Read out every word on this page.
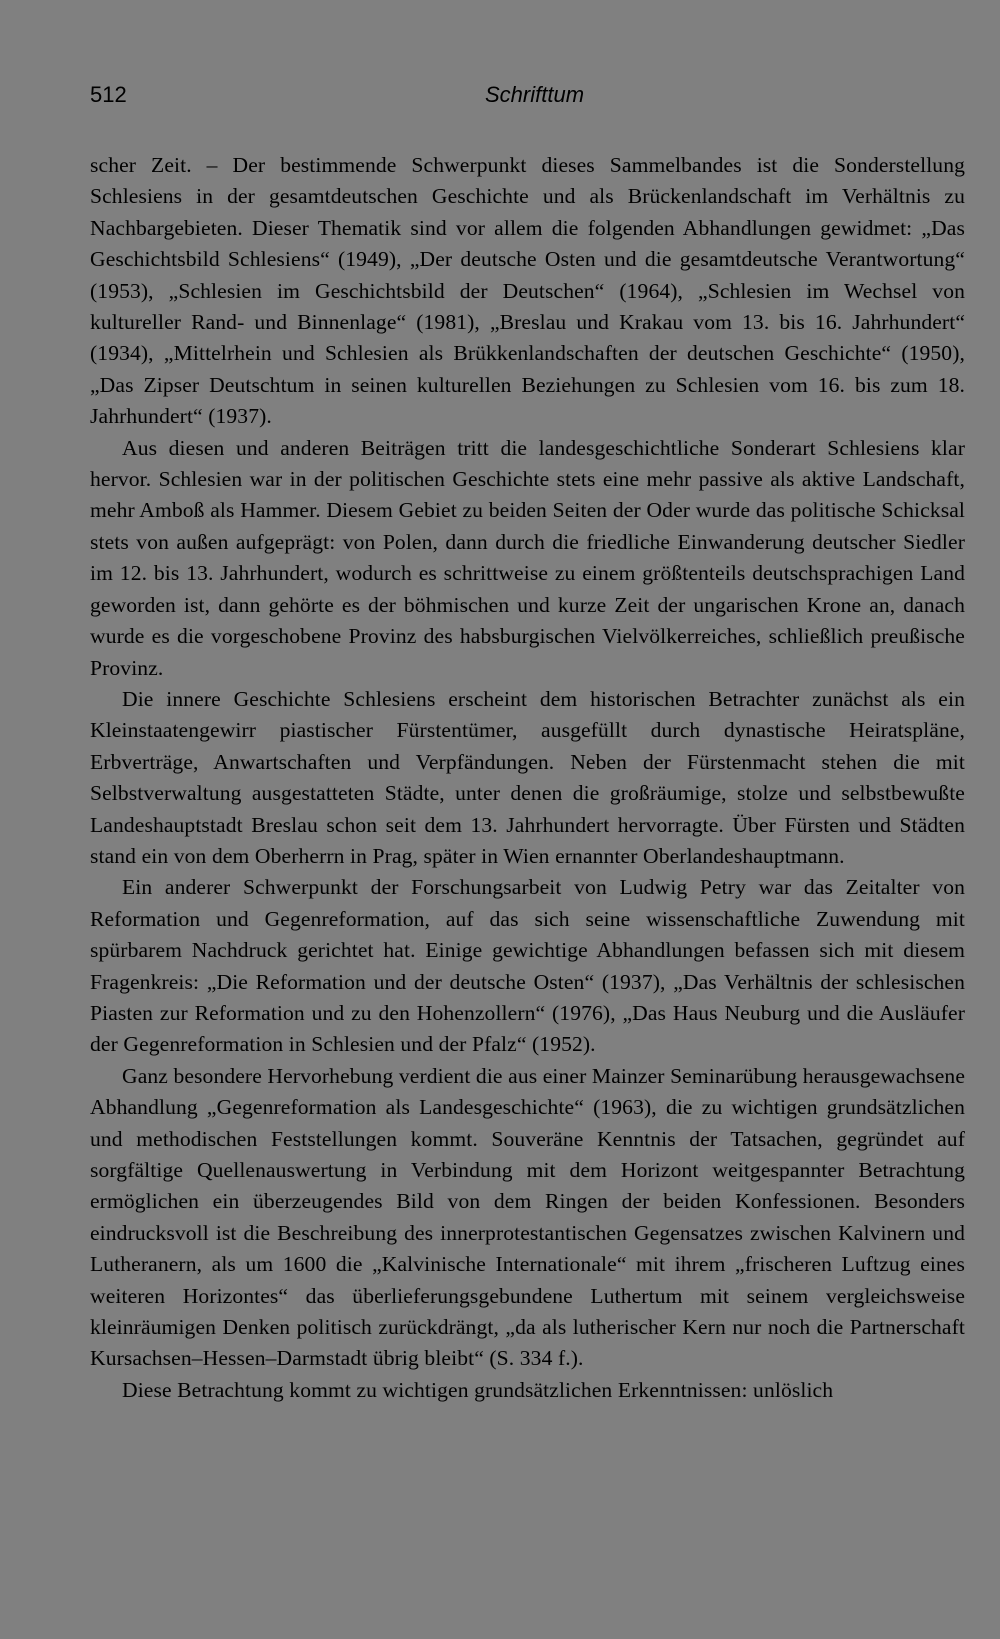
512	Schrifttum

scher Zeit. – Der bestimmende Schwerpunkt dieses Sammelbandes ist die Sonderstellung Schlesiens in der gesamtdeutschen Geschichte und als Brückenlandschaft im Verhältnis zu Nachbargebieten. Dieser Thematik sind vor allem die folgenden Abhandlungen gewidmet: „Das Geschichtsbild Schlesiens“ (1949), „Der deutsche Osten und die gesamtdeutsche Verantwortung“ (1953), „Schlesien im Geschichtsbild der Deutschen“ (1964), „Schlesien im Wechsel von kultureller Rand- und Binnenlage“ (1981), „Breslau und Krakau vom 13. bis 16. Jahrhundert“ (1934), „Mittelrhein und Schlesien als Brükkenlandschaften der deutschen Geschichte“ (1950), „Das Zipser Deutschtum in seinen kulturellen Beziehungen zu Schlesien vom 16. bis zum 18. Jahrhundert“ (1937).

Aus diesen und anderen Beiträgen tritt die landesgeschichtliche Sonderart Schlesiens klar hervor. Schlesien war in der politischen Geschichte stets eine mehr passive als aktive Landschaft, mehr Amboß als Hammer. Diesem Gebiet zu beiden Seiten der Oder wurde das politische Schicksal stets von außen aufgeprägt: von Polen, dann durch die friedliche Einwanderung deutscher Siedler im 12. bis 13. Jahrhundert, wodurch es schrittweise zu einem größtenteils deutschsprachigen Land geworden ist, dann gehörte es der böhmischen und kurze Zeit der ungarischen Krone an, danach wurde es die vorgeschobene Provinz des habsburgischen Vielvölkerreiches, schließlich preußische Provinz.

Die innere Geschichte Schlesiens erscheint dem historischen Betrachter zunächst als ein Kleinstaatengewirr piastischer Fürstentümer, ausgefüllt durch dynastische Heiratspläne, Erbverträge, Anwartschaften und Verpfändungen. Neben der Fürstenmacht stehen die mit Selbstverwaltung ausgestatteten Städte, unter denen die großräumige, stolze und selbstbewußte Landeshauptstadt Breslau schon seit dem 13. Jahrhundert hervorragte. Über Fürsten und Städten stand ein von dem Oberherrn in Prag, später in Wien ernannter Oberlandeshauptmann.

Ein anderer Schwerpunkt der Forschungsarbeit von Ludwig Petry war das Zeitalter von Reformation und Gegenreformation, auf das sich seine wissenschaftliche Zuwendung mit spürbarem Nachdruck gerichtet hat. Einige gewichtige Abhandlungen befassen sich mit diesem Fragenkreis: „Die Reformation und der deutsche Osten“ (1937), „Das Verhältnis der schlesischen Piasten zur Reformation und zu den Hohenzollern“ (1976), „Das Haus Neuburg und die Ausläufer der Gegenreformation in Schlesien und der Pfalz“ (1952).

Ganz besondere Hervorhebung verdient die aus einer Mainzer Seminarübung herausgewachsene Abhandlung „Gegenreformation als Landesgeschichte“ (1963), die zu wichtigen grundsätzlichen und methodischen Feststellungen kommt. Souveräne Kenntnis der Tatsachen, gegründet auf sorgfältige Quellenauswertung in Verbindung mit dem Horizont weitgespannter Betrachtung ermöglichen ein überzeugendes Bild von dem Ringen der beiden Konfessionen. Besonders eindrucksvoll ist die Beschreibung des innerprotestantischen Gegensatzes zwischen Kalvinern und Lutheranern, als um 1600 die „Kalvinische Internationale“ mit ihrem „frischeren Luftzug eines weiteren Horizontes“ das überlieferungsgebundene Luthertum mit seinem vergleichsweise kleinräumigen Denken politisch zurückdrängt, „da als lutherischer Kern nur noch die Partnerschaft Kursachsen–Hessen–Darmstadt übrig bleibt“ (S. 334 f.).

Diese Betrachtung kommt zu wichtigen grundsätzlichen Erkenntnissen: unlöslich
